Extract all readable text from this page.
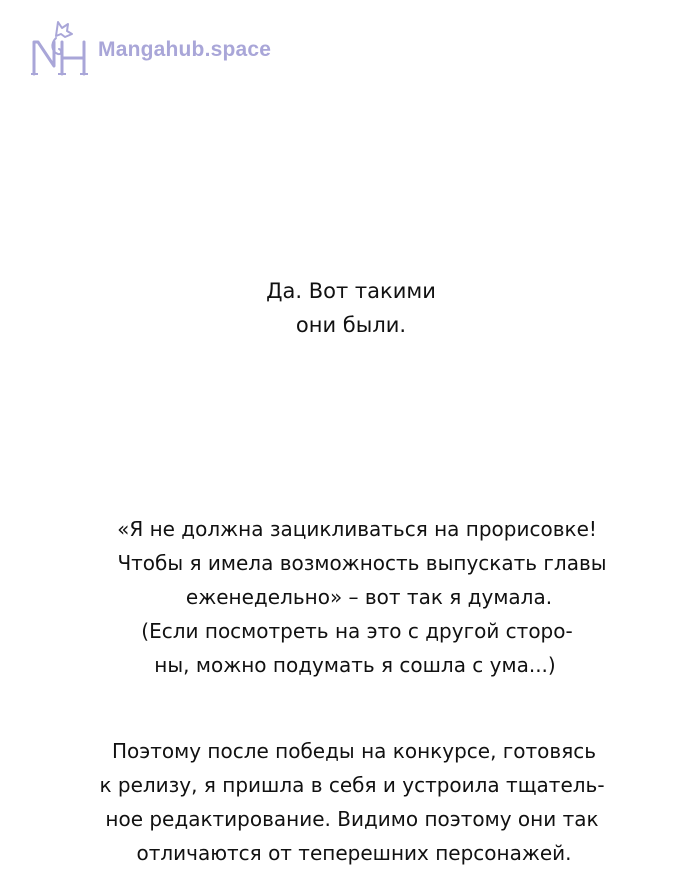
Mangahub.space
Да. Вот такими
они были.
«Я не должна зацикливаться на прорисовке!
Чтобы я имела возможность выпускать главы
еженедельно» – вот так я думала.
(Если посмотреть на это с другой сторо-
ны, можно подумать я сошла с ума...)
Поэтому после победы на конкурсе, готовясь
к релизу, я пришла в себя и устроила тщатель-
ное редактирование. Видимо поэтому они так
отличаются от теперешних персонажей.
